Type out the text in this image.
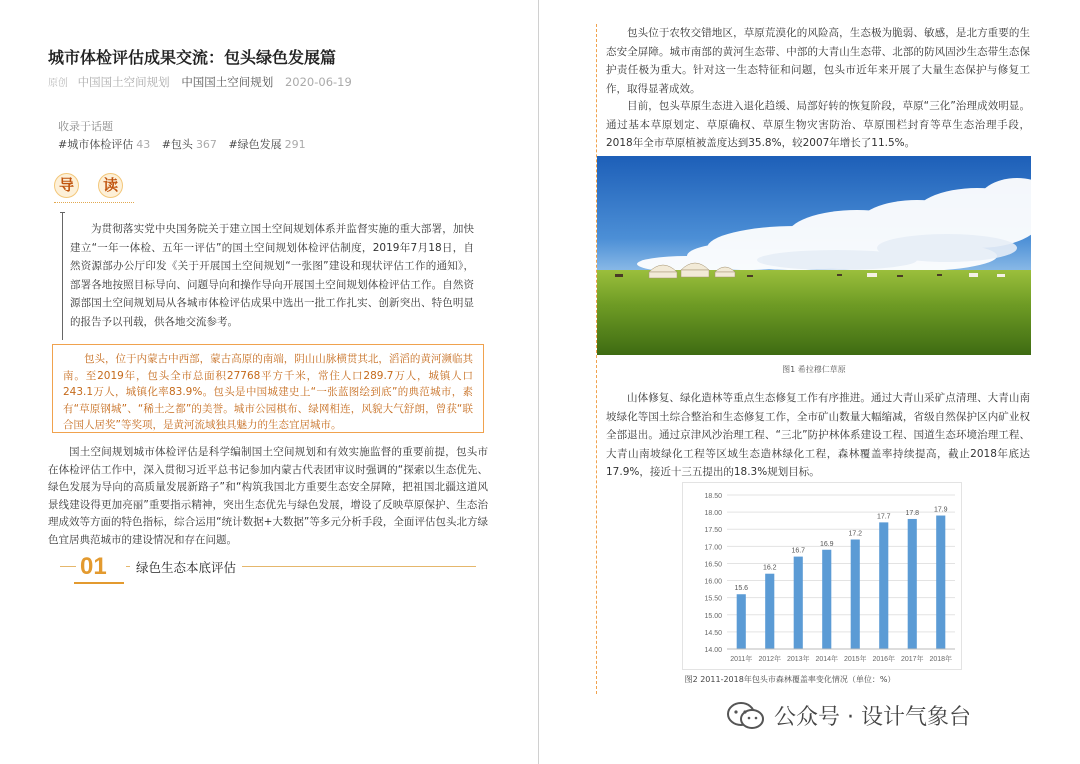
城市体检评估成果交流：包头绿色发展篇
原创 中国国土空间规划 中国国土空间规划 2020-06-19
收录于话题
#城市体检评估 43 #包头 367 #绿色发展 291
导 读

为贯彻落实党中央国务院关于建立国土空间规划体系并监督实施的重大部署，加快建立“一年一体检、五年一评估”的国土空间规划体检评估制度，2019年7月18日，自然资源部办公厅印发《关于开展国土空间规划“一张图”建设和现状评估工作的通知》，部署各地按照目标导向、问题导向和操作导向开展国土空间规划体检评估工作。自然资源部国土空间规划局从各城市体检评估成果中选出一批工作扎实、创新突出、特色明显的报告予以刊载，供各地交流参考。

包头，位于内蒙古中西部，蒙古高原的南端，阴山山脉横贯其北，滔滔的黄河濒临其南。至2019年，包头全市总面积27768平方千米，常住人口289.7万人，城镇人口243.1万人，城镇化率83.9%。包头是中国城建史上“一张蓝图绘到底”的典范城市，素有“草原钢城”、“稀土之都”的美誉。城市公园棋布、绿网相连，风貌大气舒朗，曾获“联合国人居奖”等奖项，是黄河流域独具魅力的生态宜居城市。

国土空间规划城市体检评估是科学编制国土空间规划和有效实施监督的重要前提，包头市在体检评估工作中，深入贯彻习近平总书记参加内蒙古代表团审议时强调的“探索以生态优先、绿色发展为导向的高质量发展新路子”和“构筑我国北方重要生态安全屏障，把祖国北疆这道风景线建设得更加亮丽”重要指示精神，突出生态优先与绿色发展，增设了反映草原保护、生态治理成效等方面的特色指标，综合运用“统计数据+大数据”等多元分析手段，全面评估包头北方绿色宜居典范城市的建设情况和存在问题。

01	绿色生态本底评估

包头位于农牧交错地区，草原荒漠化的风险高，生态极为脆弱、敏感，是北方重要的生态安全屏障。城市南部的黄河生态带、中部的大青山生态带、北部的防风固沙生态带生态保护责任极为重大。针对这一生态特征和问题，包头市近年来开展了大量生态保护与修复工作，取得显著成效。

目前，包头草原生态进入退化趋缓、局部好转的恢复阶段，草原“三化”治理成效明显。通过基本草原划定、草原确权、草原生物灾害防治、草原围栏封育等草生态治理手段，2018年全市草原植被盖度达到35.8%，较2007年增长了11.5%。

图1 希拉穆仁草原

山体修复、绿化造林等重点生态修复工作有序推进。通过大青山采矿点清理、大青山南坡绿化等国土综合整治和生态修复工作，全市矿山数量大幅缩减，省级自然保护区内矿业权全部退出。通过京津风沙治理工程、“三北”防护林体系建设工程、国道生态环境治理工程、大青山南坡绿化工程等区域生态造林绿化工程，森林覆盖率持续提高，截止2018年底达17.9%，接近十三五提出的18.3%规划目标。

14.00
14.50
15.00
15.50
16.00
16.50
17.00
17.50
18.00
18.50
15.6
2011年
16.2
2012年
16.7
2013年
16.9
2014年
17.2
2015年
17.7
2016年
17.8
2017年
17.9
2018年
图2 2011-2018年包头市森林覆盖率变化情况（单位：%）
公众号 · 设计气象台
